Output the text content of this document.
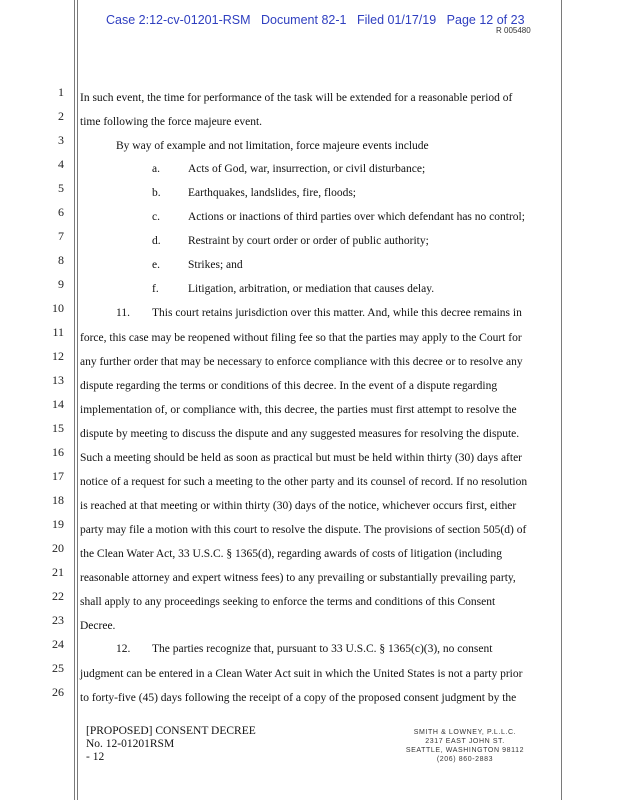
Case 2:12-cv-01201-RSM Document 82-1 Filed 01/17/19 Page 12 of 23
R 005480
1
2
3
4
5
6
7
8
9
10
11
12
13
14
15
16
17
18
19
20
21
22
23
24
25
26
In such event, the time for performance of the task will be extended for a reasonable period of
time following the force majeure event.
By way of example and not limitation, force majeure events include
a. Acts of God, war, insurrection, or civil disturbance;
b. Earthquakes, landslides, fire, floods;
c. Actions or inactions of third parties over which defendant has no control;
d. Restraint by court order or order of public authority;
e. Strikes; and
f.	Litigation, arbitration, or mediation that causes delay.
11. This court retains jurisdiction over this matter. And, while this decree remains in
force, this case may be reopened without filing fee so that the parties may apply to the Court for
any further order that may be necessary to enforce compliance with this decree or to resolve any
dispute regarding the terms or conditions of this decree. In the event of a dispute regarding
implementation of, or compliance with, this decree, the parties must first attempt to resolve the
dispute by meeting to discuss the dispute and any suggested measures for resolving the dispute.
Such a meeting should be held as soon as practical but must be held within thirty (30) days after
notice of a request for such a meeting to the other party and its counsel of record. If no resolution
is reached at that meeting or within thirty (30) days of the notice, whichever occurs first, either
party may file a motion with this court to resolve the dispute. The provisions of section 505(d) of
the Clean Water Act, 33 U.S.C. § 1365(d), regarding awards of costs of litigation (including
reasonable attorney and expert witness fees) to any prevailing or substantially prevailing party,
shall apply to any proceedings seeking to enforce the terms and conditions of this Consent
Decree.
12. The parties recognize that, pursuant to 33 U.S.C. § 1365(c)(3), no consent
judgment can be entered in a Clean Water Act suit in which the United States is not a party prior
to forty-five (45) days following the receipt of a copy of the proposed consent judgment by the
[PROPOSED] CONSENT DECREE
No. 12-01201RSM
- 12
SMITH & LOWNEY, P.L.L.C.
2317 EAST JOHN ST.
SEATTLE, WASHINGTON 98112
(206) 860-2883
